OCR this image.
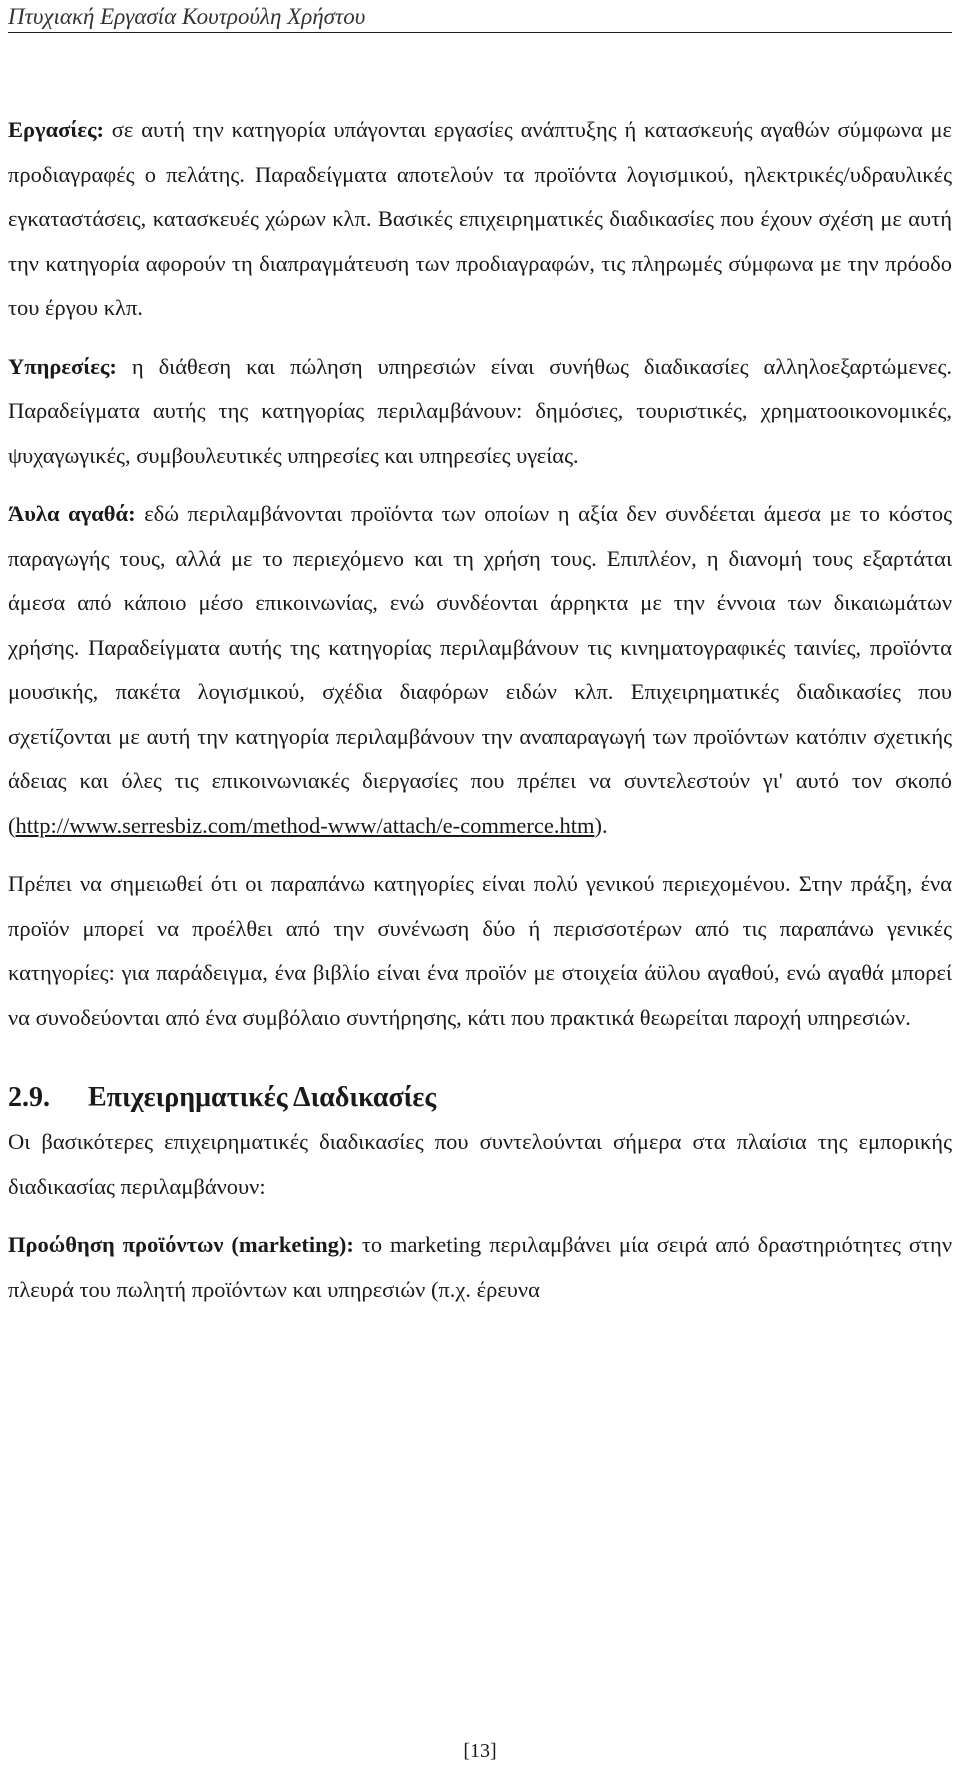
Πτυχιακή Εργασία Κουτρούλη Χρήστου

Εργασίες: σε αυτή την κατηγορία υπάγονται εργασίες ανάπτυξης ή κατασκευής αγαθών σύμφωνα με προδιαγραφές ο πελάτης. Παραδείγματα αποτελούν τα προϊόντα λογισμικού, ηλεκτρικές/υδραυλικές εγκαταστάσεις, κατασκευές χώρων κλπ. Βασικές επιχειρηματικές διαδικασίες που έχουν σχέση με αυτή την κατηγορία αφορούν τη διαπραγμάτευση των προδιαγραφών, τις πληρωμές σύμφωνα με την πρόοδο του έργου κλπ.

Υπηρεσίες: η διάθεση και πώληση υπηρεσιών είναι συνήθως διαδικασίες αλληλοεξαρτώμενες. Παραδείγματα αυτής της κατηγορίας περιλαμβάνουν: δημόσιες, τουριστικές, χρηματοοικονομικές, ψυχαγωγικές, συμβουλευτικές υπηρεσίες και υπηρεσίες υγείας.

Άυλα αγαθά: εδώ περιλαμβάνονται προϊόντα των οποίων η αξία δεν συνδέεται άμεσα με το κόστος παραγωγής τους, αλλά με το περιεχόμενο και τη χρήση τους. Επιπλέον, η διανομή τους εξαρτάται άμεσα από κάποιο μέσο επικοινωνίας, ενώ συνδέονται άρρηκτα με την έννοια των δικαιωμάτων χρήσης. Παραδείγματα αυτής της κατηγορίας περιλαμβάνουν τις κινηματογραφικές ταινίες, προϊόντα μουσικής, πακέτα λογισμικού, σχέδια διαφόρων ειδών κλπ. Επιχειρηματικές διαδικασίες που σχετίζονται με αυτή την κατηγορία περιλαμβάνουν την αναπαραγωγή των προϊόντων κατόπιν σχετικής άδειας και όλες τις επικοινωνιακές διεργασίες που πρέπει να συντελεστούν γι' αυτό τον σκοπό (http://www.serresbiz.com/method-www/attach/e-commerce.htm).

Πρέπει να σημειωθεί ότι οι παραπάνω κατηγορίες είναι πολύ γενικού περιεχομένου. Στην πράξη, ένα προϊόν μπορεί να προέλθει από την συνένωση δύο ή περισσοτέρων από τις παραπάνω γενικές κατηγορίες: για παράδειγμα, ένα βιβλίο είναι ένα προϊόν με στοιχεία άϋλου αγαθού, ενώ αγαθά μπορεί να συνοδεύονται από ένα συμβόλαιο συντήρησης, κάτι που πρακτικά θεωρείται παροχή υπηρεσιών.

2.9. Επιχειρηματικές Διαδικασίες

Οι βασικότερες επιχειρηματικές διαδικασίες που συντελούνται σήμερα στα πλαίσια της εμπορικής διαδικασίας περιλαμβάνουν:

Προώθηση προϊόντων (marketing): το marketing περιλαμβάνει μία σειρά από δραστηριότητες στην πλευρά του πωλητή προϊόντων και υπηρεσιών (π.χ. έρευνα

[13]
